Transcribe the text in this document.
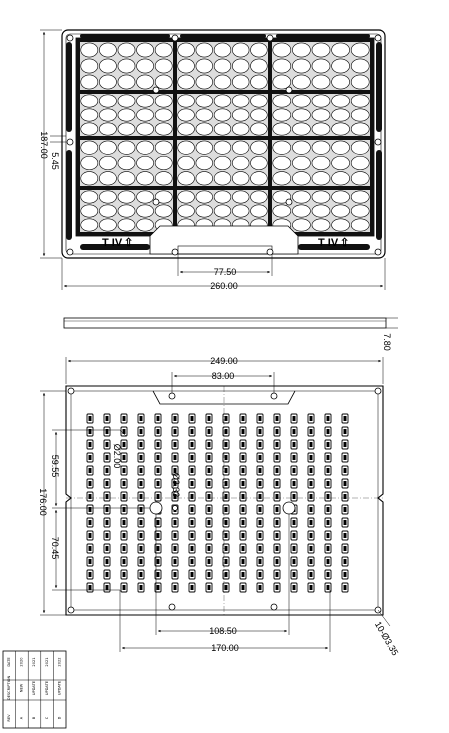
T IV ⇧	T IV ⇧
187.00
5.45
77.50
260.00
7.80
249.00
83.00
Ø2.00
Ø3.33
59.55
176.00
70.45
108.50
170.00	10-Ø3.35
REV
DESCRIPTION
DATE
A
NEW
2020
B
UPDATE
2021
C
UPDATE
2021
D
UPDATE
2022
